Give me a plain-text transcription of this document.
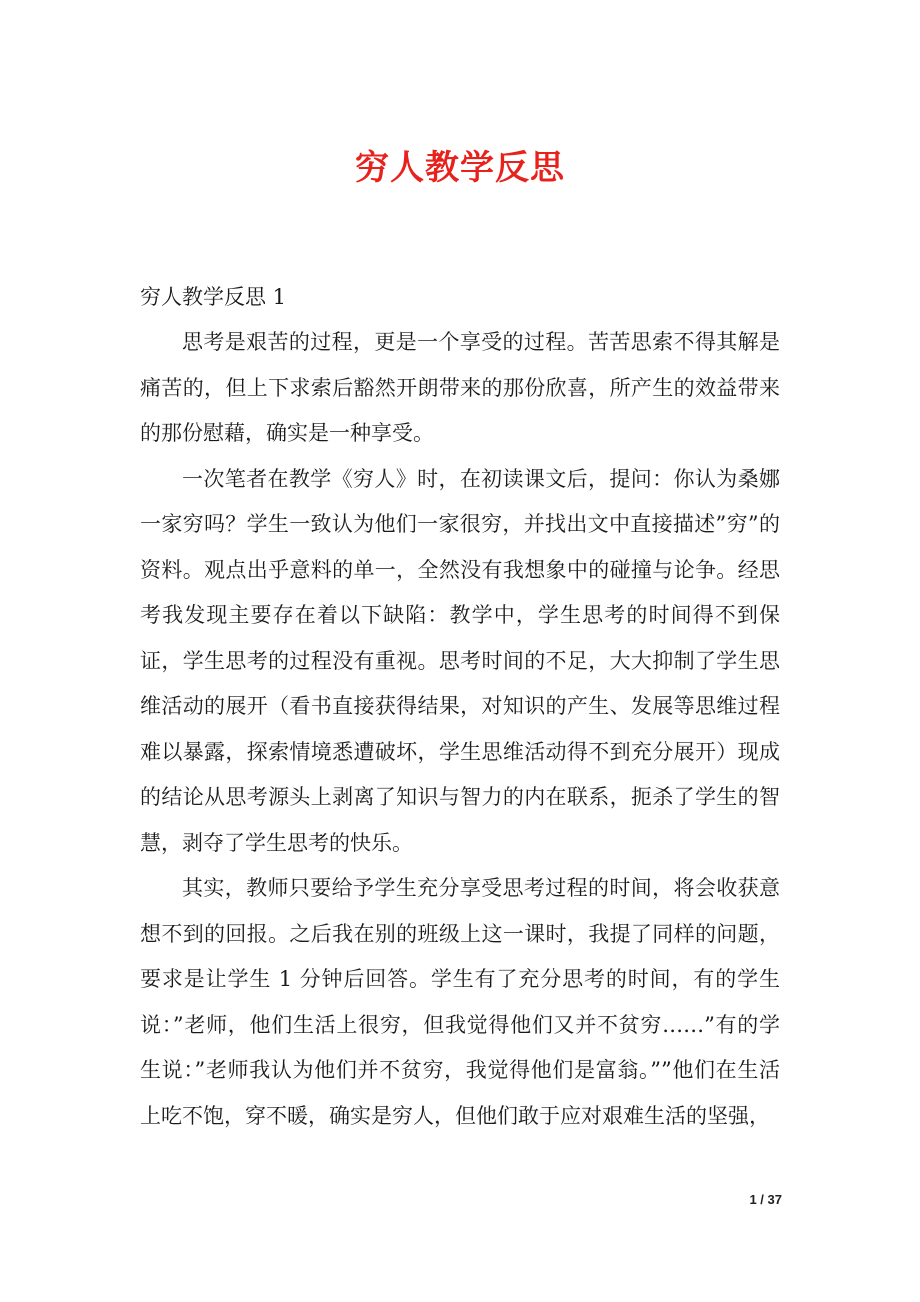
穷人教学反思
穷人教学反思 1

思考是艰苦的过程，更是一个享受的过程。苦苦思索不得其解是痛苦的，但上下求索后豁然开朗带来的那份欣喜，所产生的效益带来的那份慰藉，确实是一种享受。

一次笔者在教学《穷人》时，在初读课文后，提问：你认为桑娜一家穷吗？学生一致认为他们一家很穷，并找出文中直接描述”穷”的资料。观点出乎意料的单一，全然没有我想象中的碰撞与论争。经思考我发现主要存在着以下缺陷：教学中，学生思考的时间得不到保证，学生思考的过程没有重视。思考时间的不足，大大抑制了学生思维活动的展开（看书直接获得结果，对知识的产生、发展等思维过程难以暴露，探索情境悉遭破坏，学生思维活动得不到充分展开）现成的结论从思考源头上剥离了知识与智力的内在联系，扼杀了学生的智慧，剥夺了学生思考的快乐。

其实，教师只要给予学生充分享受思考过程的时间，将会收获意想不到的回报。之后我在别的班级上这一课时，我提了同样的问题，要求是让学生 1 分钟后回答。学生有了充分思考的时间，有的学生说：”老师，他们生活上很穷，但我觉得他们又并不贫穷……”有的学生说：”老师我认为他们并不贫穷，我觉得他们是富翁。””他们在生活上吃不饱，穿不暖，确实是穷人，但他们敢于应对艰难生活的坚强，

1 / 37
